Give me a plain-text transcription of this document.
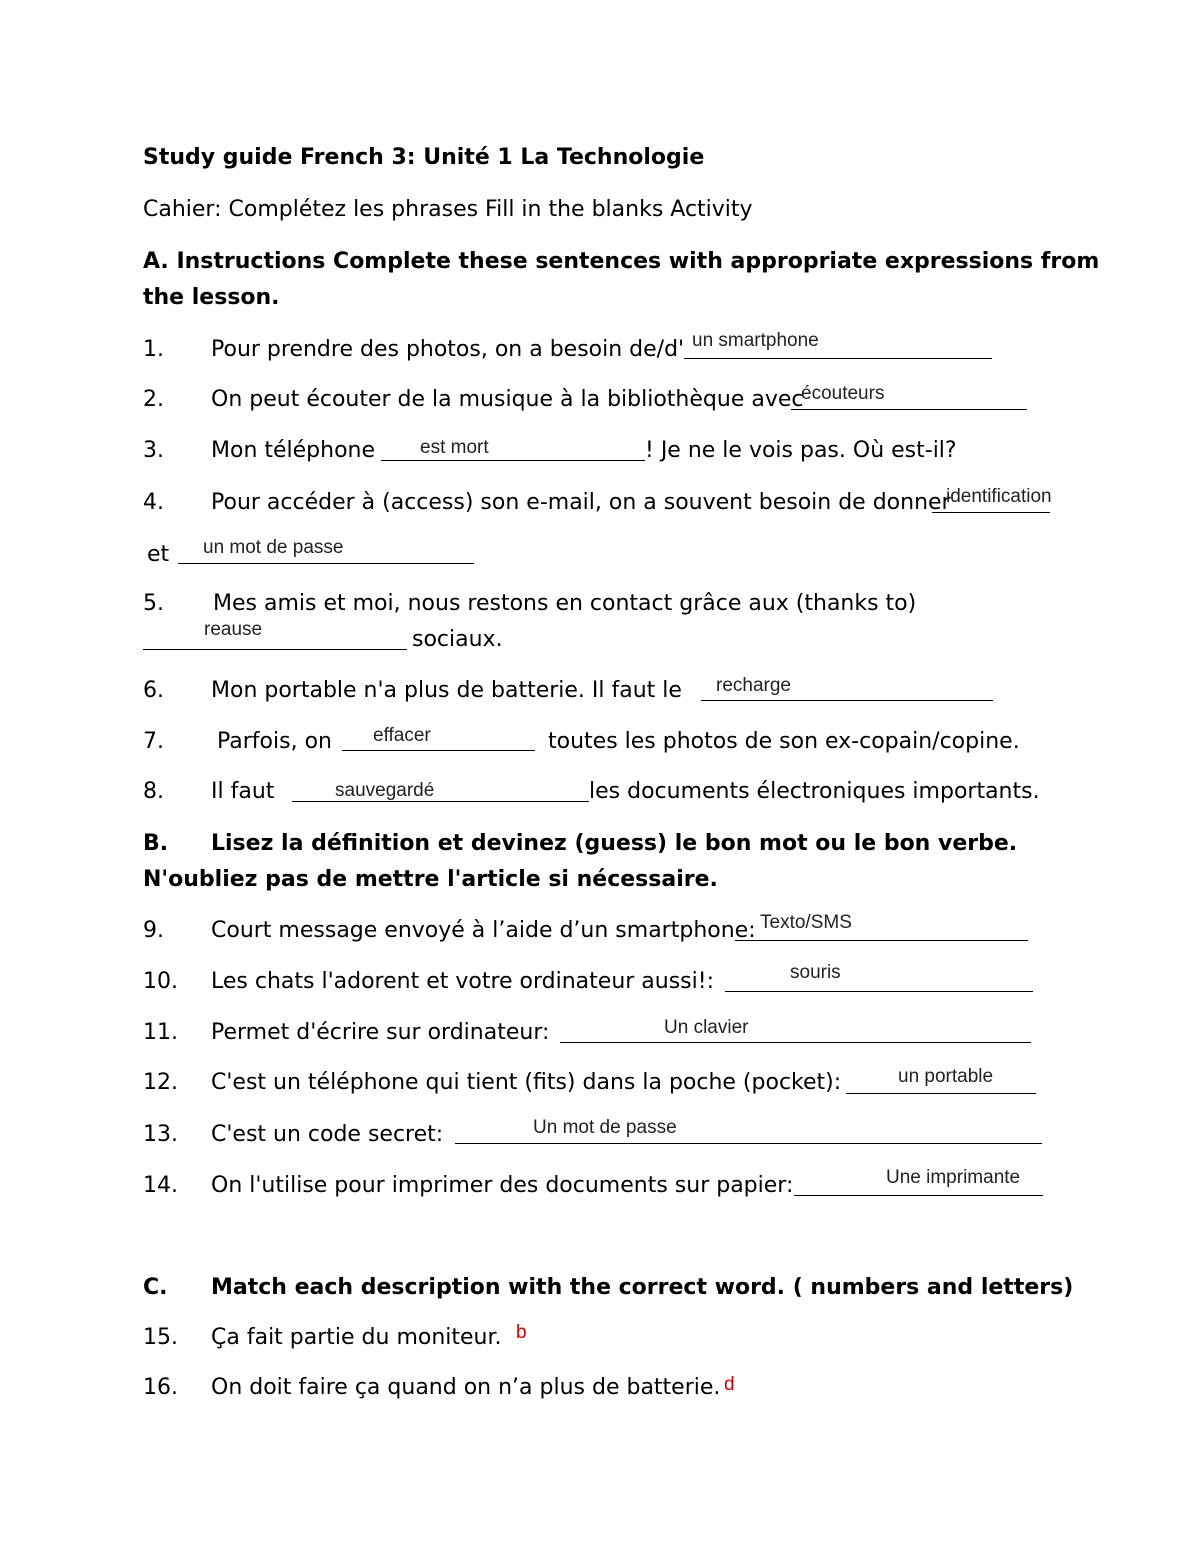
Study guide French 3: Unité 1 La Technologie
Cahier: Complétez les phrases Fill in the blanks Activity
A. Instructions Complete these sentences with appropriate expressions from
the lesson.
1. Pour prendre des photos, on a besoin de/d' un smartphone
2. On peut écouter de la musique à la bibliothèque avec
écouteurs
3. Mon téléphone est mort	! Je ne le vois pas. Où est-il?
4. Pour accéder à (access) son e-mail, on a souvent besoin de donner
identification
et un mot de passe
5. Mes amis et moi, nous restons en contact grâce aux (thanks to)
reause	sociaux.
6. Mon portable n'a plus de batterie. Il faut le recharge
7. Parfois, on effacer	toutes les photos de son ex-copain/copine.
8. Il faut	sauvegardé	les documents électroniques importants.
B. Lisez la définition et devinez (guess) le bon mot ou le bon verbe.
N'oubliez pas de mettre l'article si nécessaire.
9. Court message envoyé à l’aide d’un smartphone: Texto/SMS
10. Les chats l'adorent et votre ordinateur aussi!:	souris
11. Permet d'écrire sur ordinateur:	Un clavier
12. C'est un téléphone qui tient (fits) dans la poche (pocket):	un portable
13. C'est un code secret:	Un mot de passe
14. On l'utilise pour imprimer des documents sur papier:	Une imprimante
C. Match each description with the correct word. ( numbers and letters)
15. Ça fait partie du moniteur. b
16. On doit faire ça quand on n’a plus de batterie. d
